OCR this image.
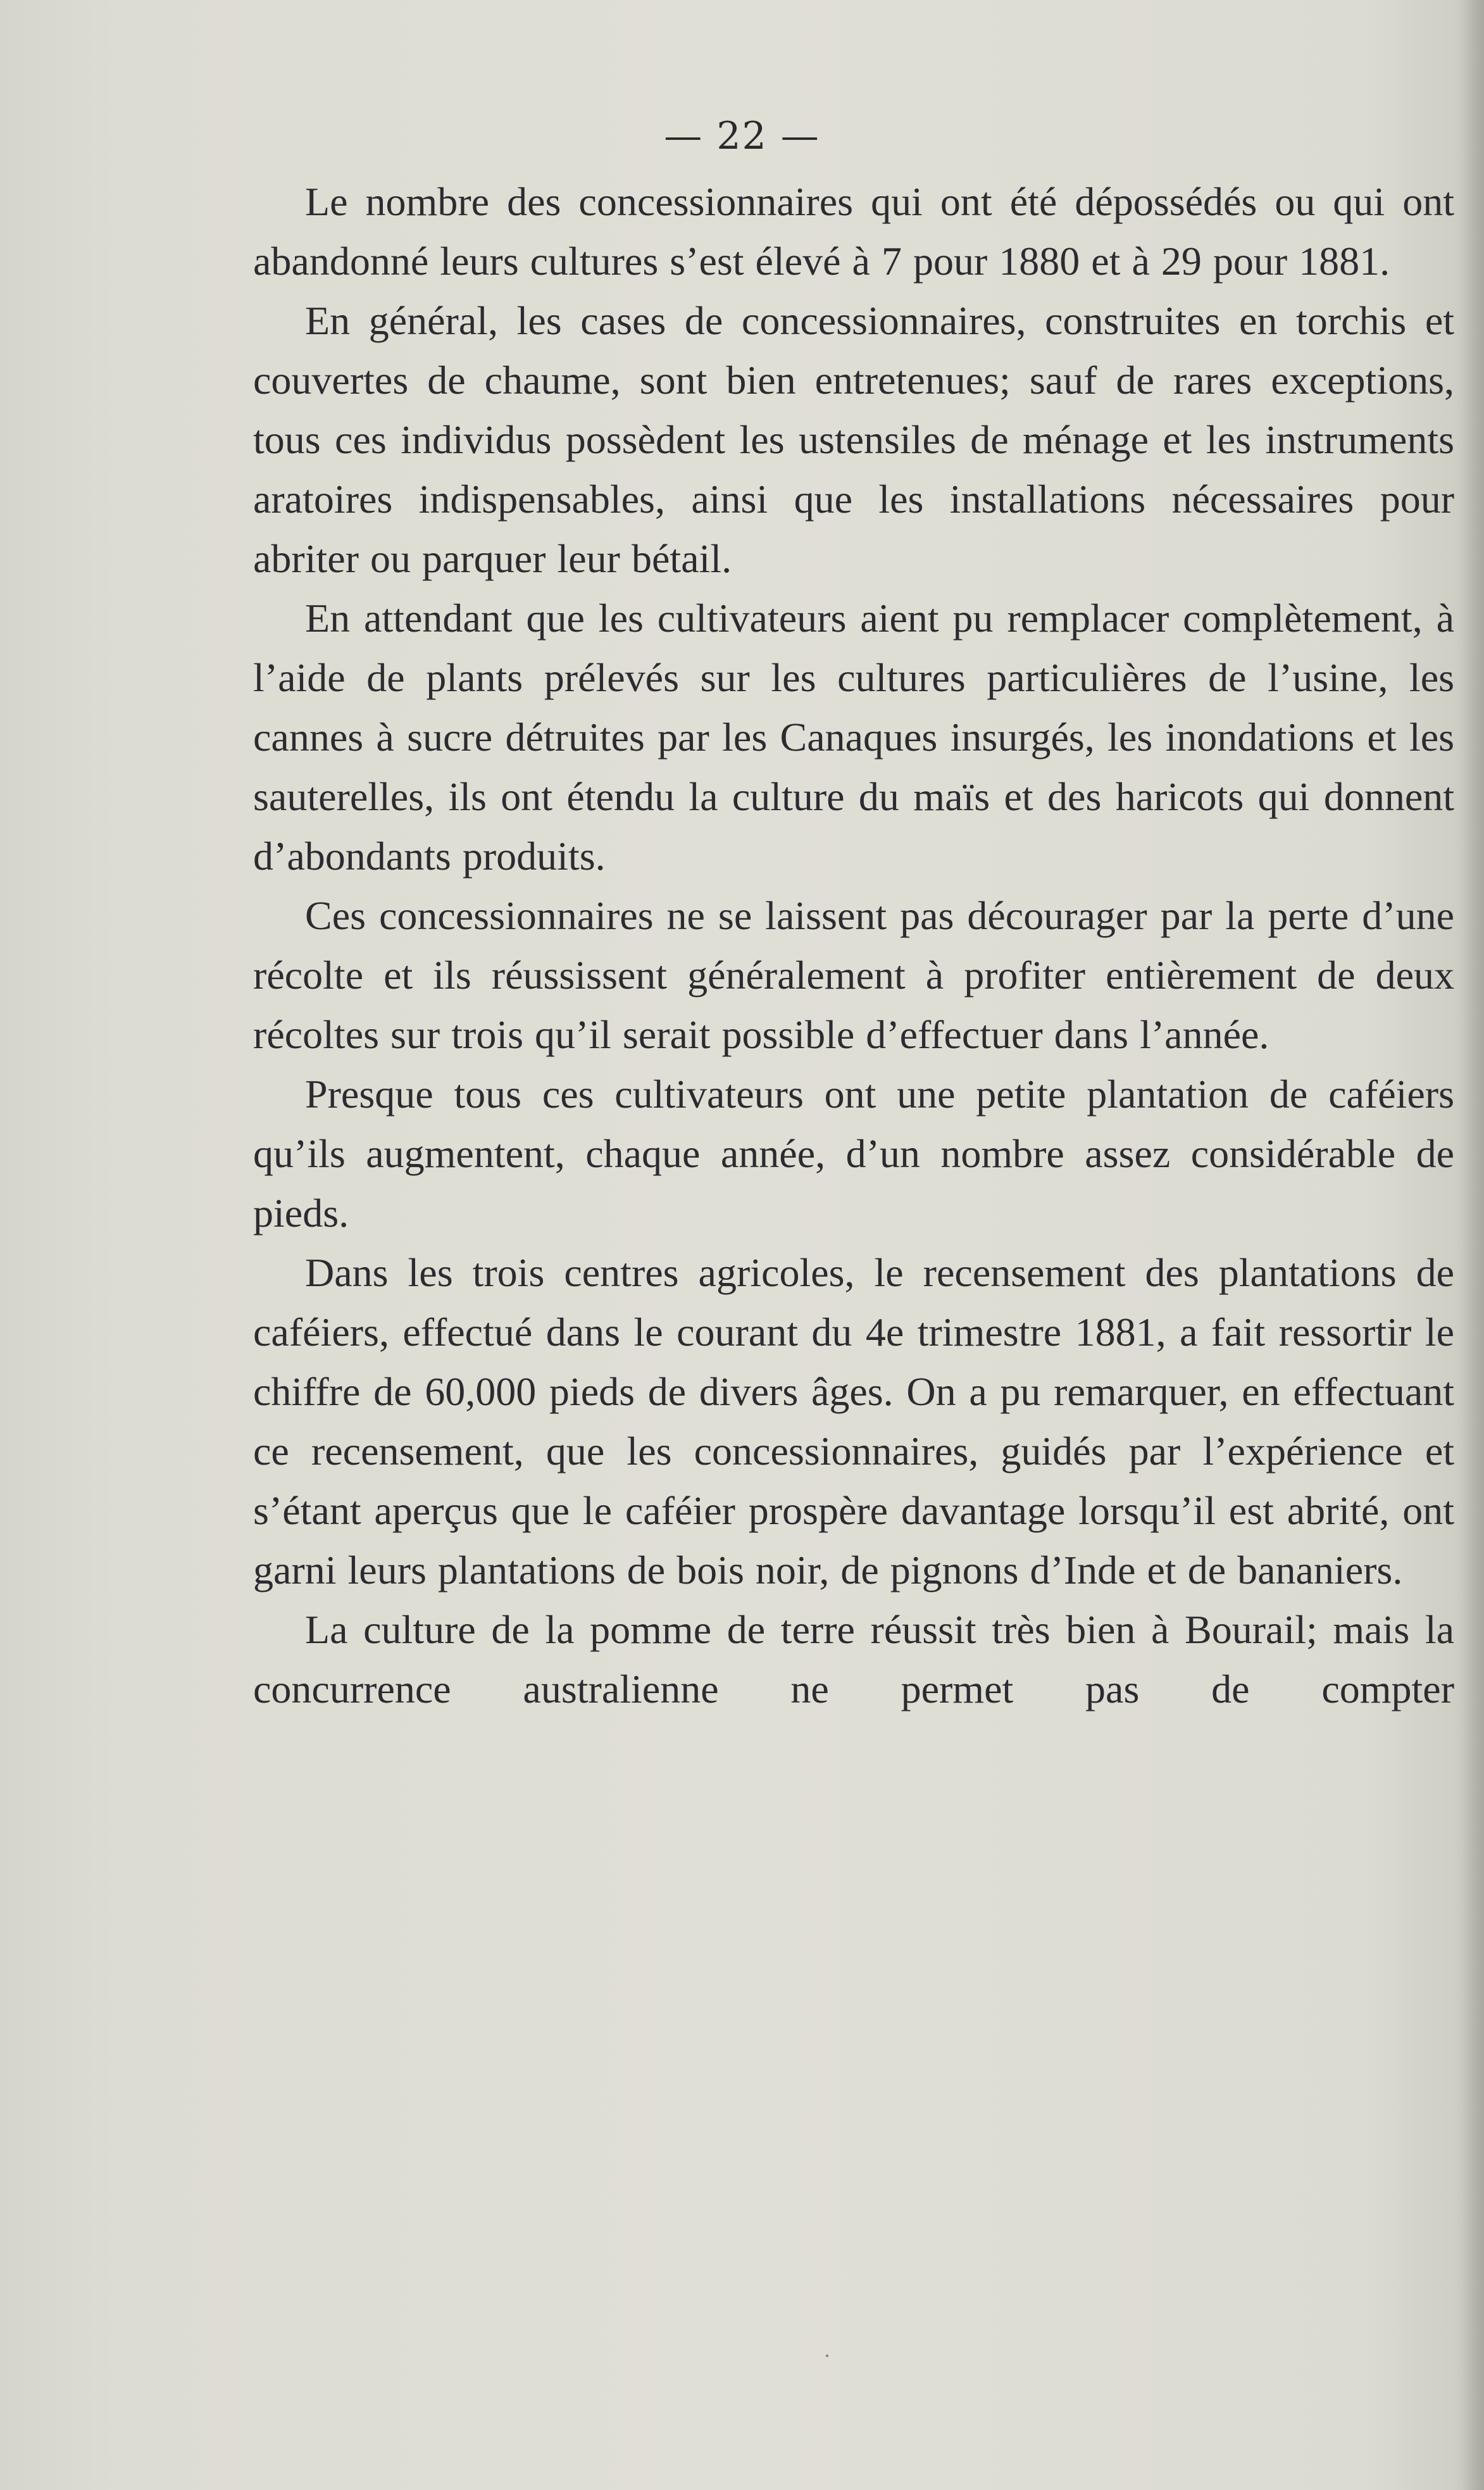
— 22 —

Le nombre des concessionnaires qui ont été dépossédés ou qui ont abandonné leurs cultures s’est élevé à 7 pour 1880 et à 29 pour 1881.

En général, les cases de concessionnaires, construites en torchis et couvertes de chaume, sont bien entretenues; sauf de rares exceptions, tous ces individus possèdent les ustensiles de ménage et les instruments aratoires indispensables, ainsi que les installations nécessaires pour abriter ou parquer leur bétail.

En attendant que les cultivateurs aient pu remplacer complètement, à l’aide de plants prélevés sur les cultures particulières de l’usine, les cannes à sucre détruites par les Canaques insurgés, les inondations et les sauterelles, ils ont étendu la culture du maïs et des haricots qui donnent d’abondants produits.

Ces concessionnaires ne se laissent pas décourager par la perte d’une récolte et ils réussissent généralement à profiter entièrement de deux récoltes sur trois qu’il serait possible d’effectuer dans l’année.

Presque tous ces cultivateurs ont une petite plantation de caféiers qu’ils augmentent, chaque année, d’un nombre assez considérable de pieds.

Dans les trois centres agricoles, le recensement des plantations de caféiers, effectué dans le courant du 4e trimestre 1881, a fait ressortir le chiffre de 60,000 pieds de divers âges. On a pu remarquer, en effectuant ce recensement, que les concessionnaires, guidés par l’expérience et s’étant aperçus que le caféier prospère davantage lorsqu’il est abrité, ont garni leurs plantations de bois noir, de pignons d’Inde et de bananiers.

La culture de la pomme de terre réussit très bien à Bourail; mais la concurrence australienne ne permet pas de compter
